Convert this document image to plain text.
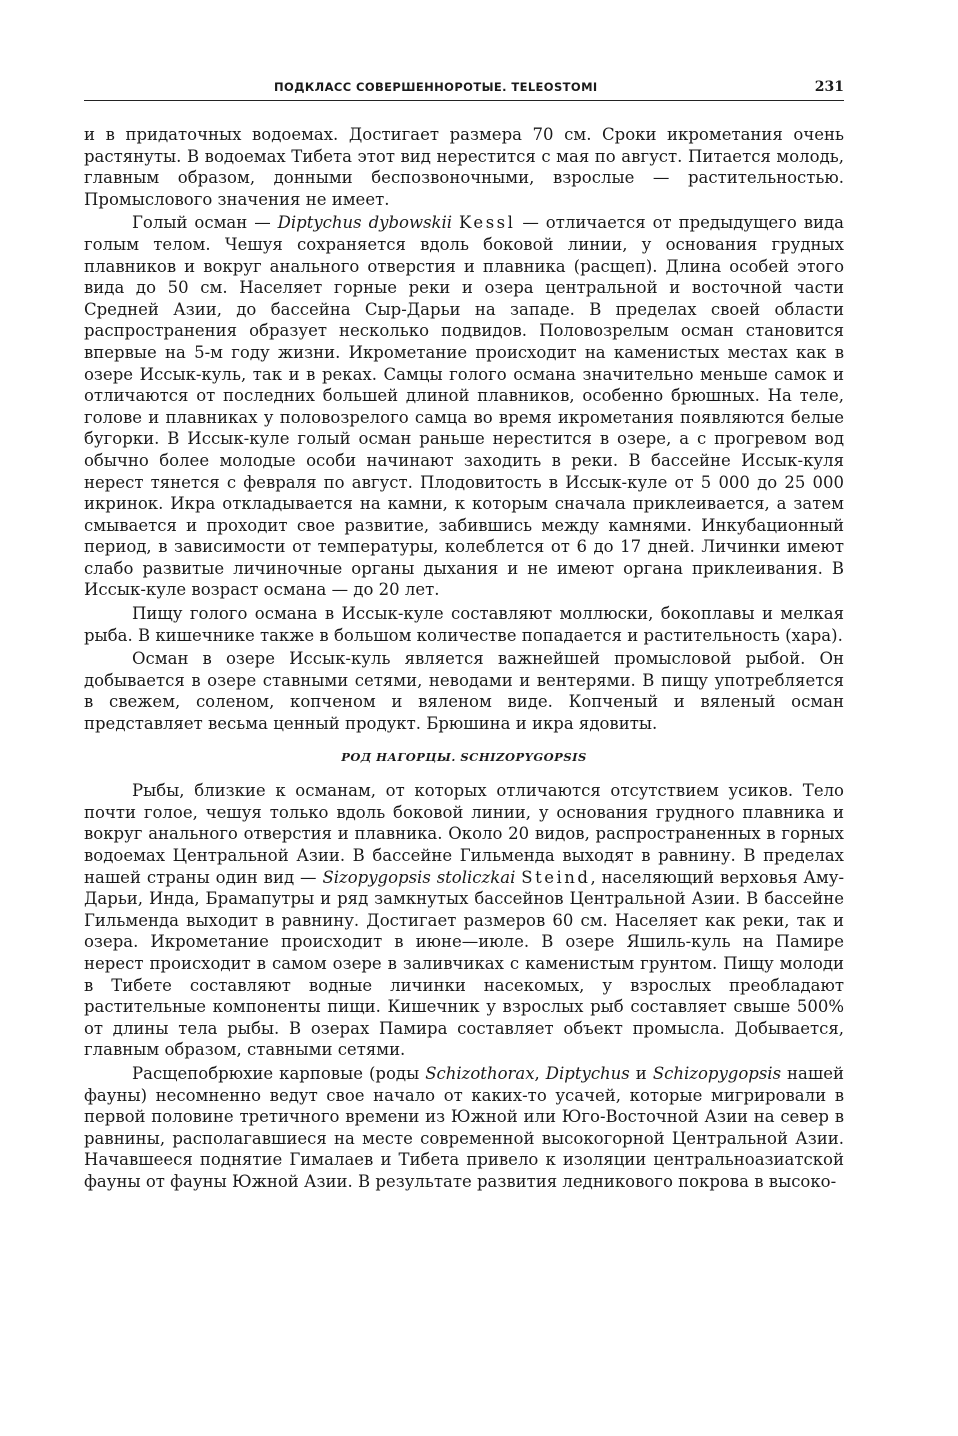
ПОДКЛАСС СОВЕРШЕННОРОТЫЕ. TELEOSTOMI	231

и в придаточных водоемах. Достигает размера 70 см. Сроки икрометания очень растянуты. В водоемах Тибета этот вид нерестится с мая по август. Питается молодь, главным образом, донными беспозвоночными, взрослые — растительностью. Промыслового значения не имеет.

Голый осман — Diptychus dybowskii Kessl — отличается от предыдущего вида голым телом. Чешуя сохраняется вдоль боковой линии, у основания грудных плавников и вокруг анального отверстия и плавника (расщеп). Длина особей этого вида до 50 см. Населяет горные реки и озера центральной и восточной части Средней Азии, до бассейна Сыр-Дарьи на западе. В пределах своей области распространения образует несколько подвидов. Половозрелым осман становится впервые на 5-м году жизни. Икрометание происходит на каменистых местах как в озере Иссык-куль, так и в реках. Самцы голого османа значительно меньше самок и отличаются от последних большей длиной плавников, особенно брюшных. На теле, голове и плавниках у половозрелого самца во время икрометания появляются белые бугорки. В Иссык-куле голый осман раньше нерестится в озере, а с прогревом вод обычно более молодые особи начинают заходить в реки. В бассейне Иссык-куля нерест тянется с февраля по август. Плодовитость в Иссык-куле от 5 000 до 25 000 икринок. Икра откладывается на камни, к которым сначала приклеивается, а затем смывается и проходит свое развитие, забившись между камнями. Инкубационный период, в зависимости от температуры, колеблется от 6 до 17 дней. Личинки имеют слабо развитые личиночные органы дыхания и не имеют органа приклеивания. В Иссык-куле возраст османа — до 20 лет.

Пищу голого османа в Иссык-куле составляют моллюски, бокоплавы и мелкая рыба. В кишечнике также в большом количестве попадается и растительность (хара).

Осман в озере Иссык-куль является важнейшей промысловой рыбой. Он добывается в озере ставными сетями, неводами и вентерями. В пищу употребляется в свежем, соленом, копченом и вяленом виде. Копченый и вяленый осман представляет весьма ценный продукт. Брюшина и икра ядовиты.

РОД НАГОРЦЫ. SCHIZOPYGOPSIS

Рыбы, близкие к османам, от которых отличаются отсутствием усиков. Тело почти голое, чешуя только вдоль боковой линии, у основания грудного плавника и вокруг анального отверстия и плавника. Около 20 видов, распространенных в горных водоемах Центральной Азии. В бассейне Гильменда выходят в равнину. В пределах нашей страны один вид — Sizopygopsis stoliczkai Steind, населяющий верховья Аму-Дарьи, Инда, Брамапутры и ряд замкнутых бассейнов Центральной Азии. В бассейне Гильменда выходит в равнину. Достигает размеров 60 см. Населяет как реки, так и озера. Икрометание происходит в июне—июле. В озере Яшиль-куль на Памире нерест происходит в самом озере в заливчиках с каменистым грунтом. Пищу молоди в Тибете составляют водные личинки насекомых, у взрослых преобладают растительные компоненты пищи. Кишечник у взрослых рыб составляет свыше 500% от длины тела рыбы. В озерах Памира составляет объект промысла. Добывается, главным образом, ставными сетями.

Расщепобрюхие карповые (роды Schizothorax, Diptychus и Schizopygopsis нашей фауны) несомненно ведут свое начало от каких-то усачей, которые мигрировали в первой половине третичного времени из Южной или Юго-Восточной Азии на север в равнины, располагавшиеся на месте современной высокогорной Центральной Азии. Начавшееся поднятие Гималаев и Тибета привело к изоляции центральноазиатской фауны от фауны Южной Азии. В результате развития ледникового покрова в высоко-
